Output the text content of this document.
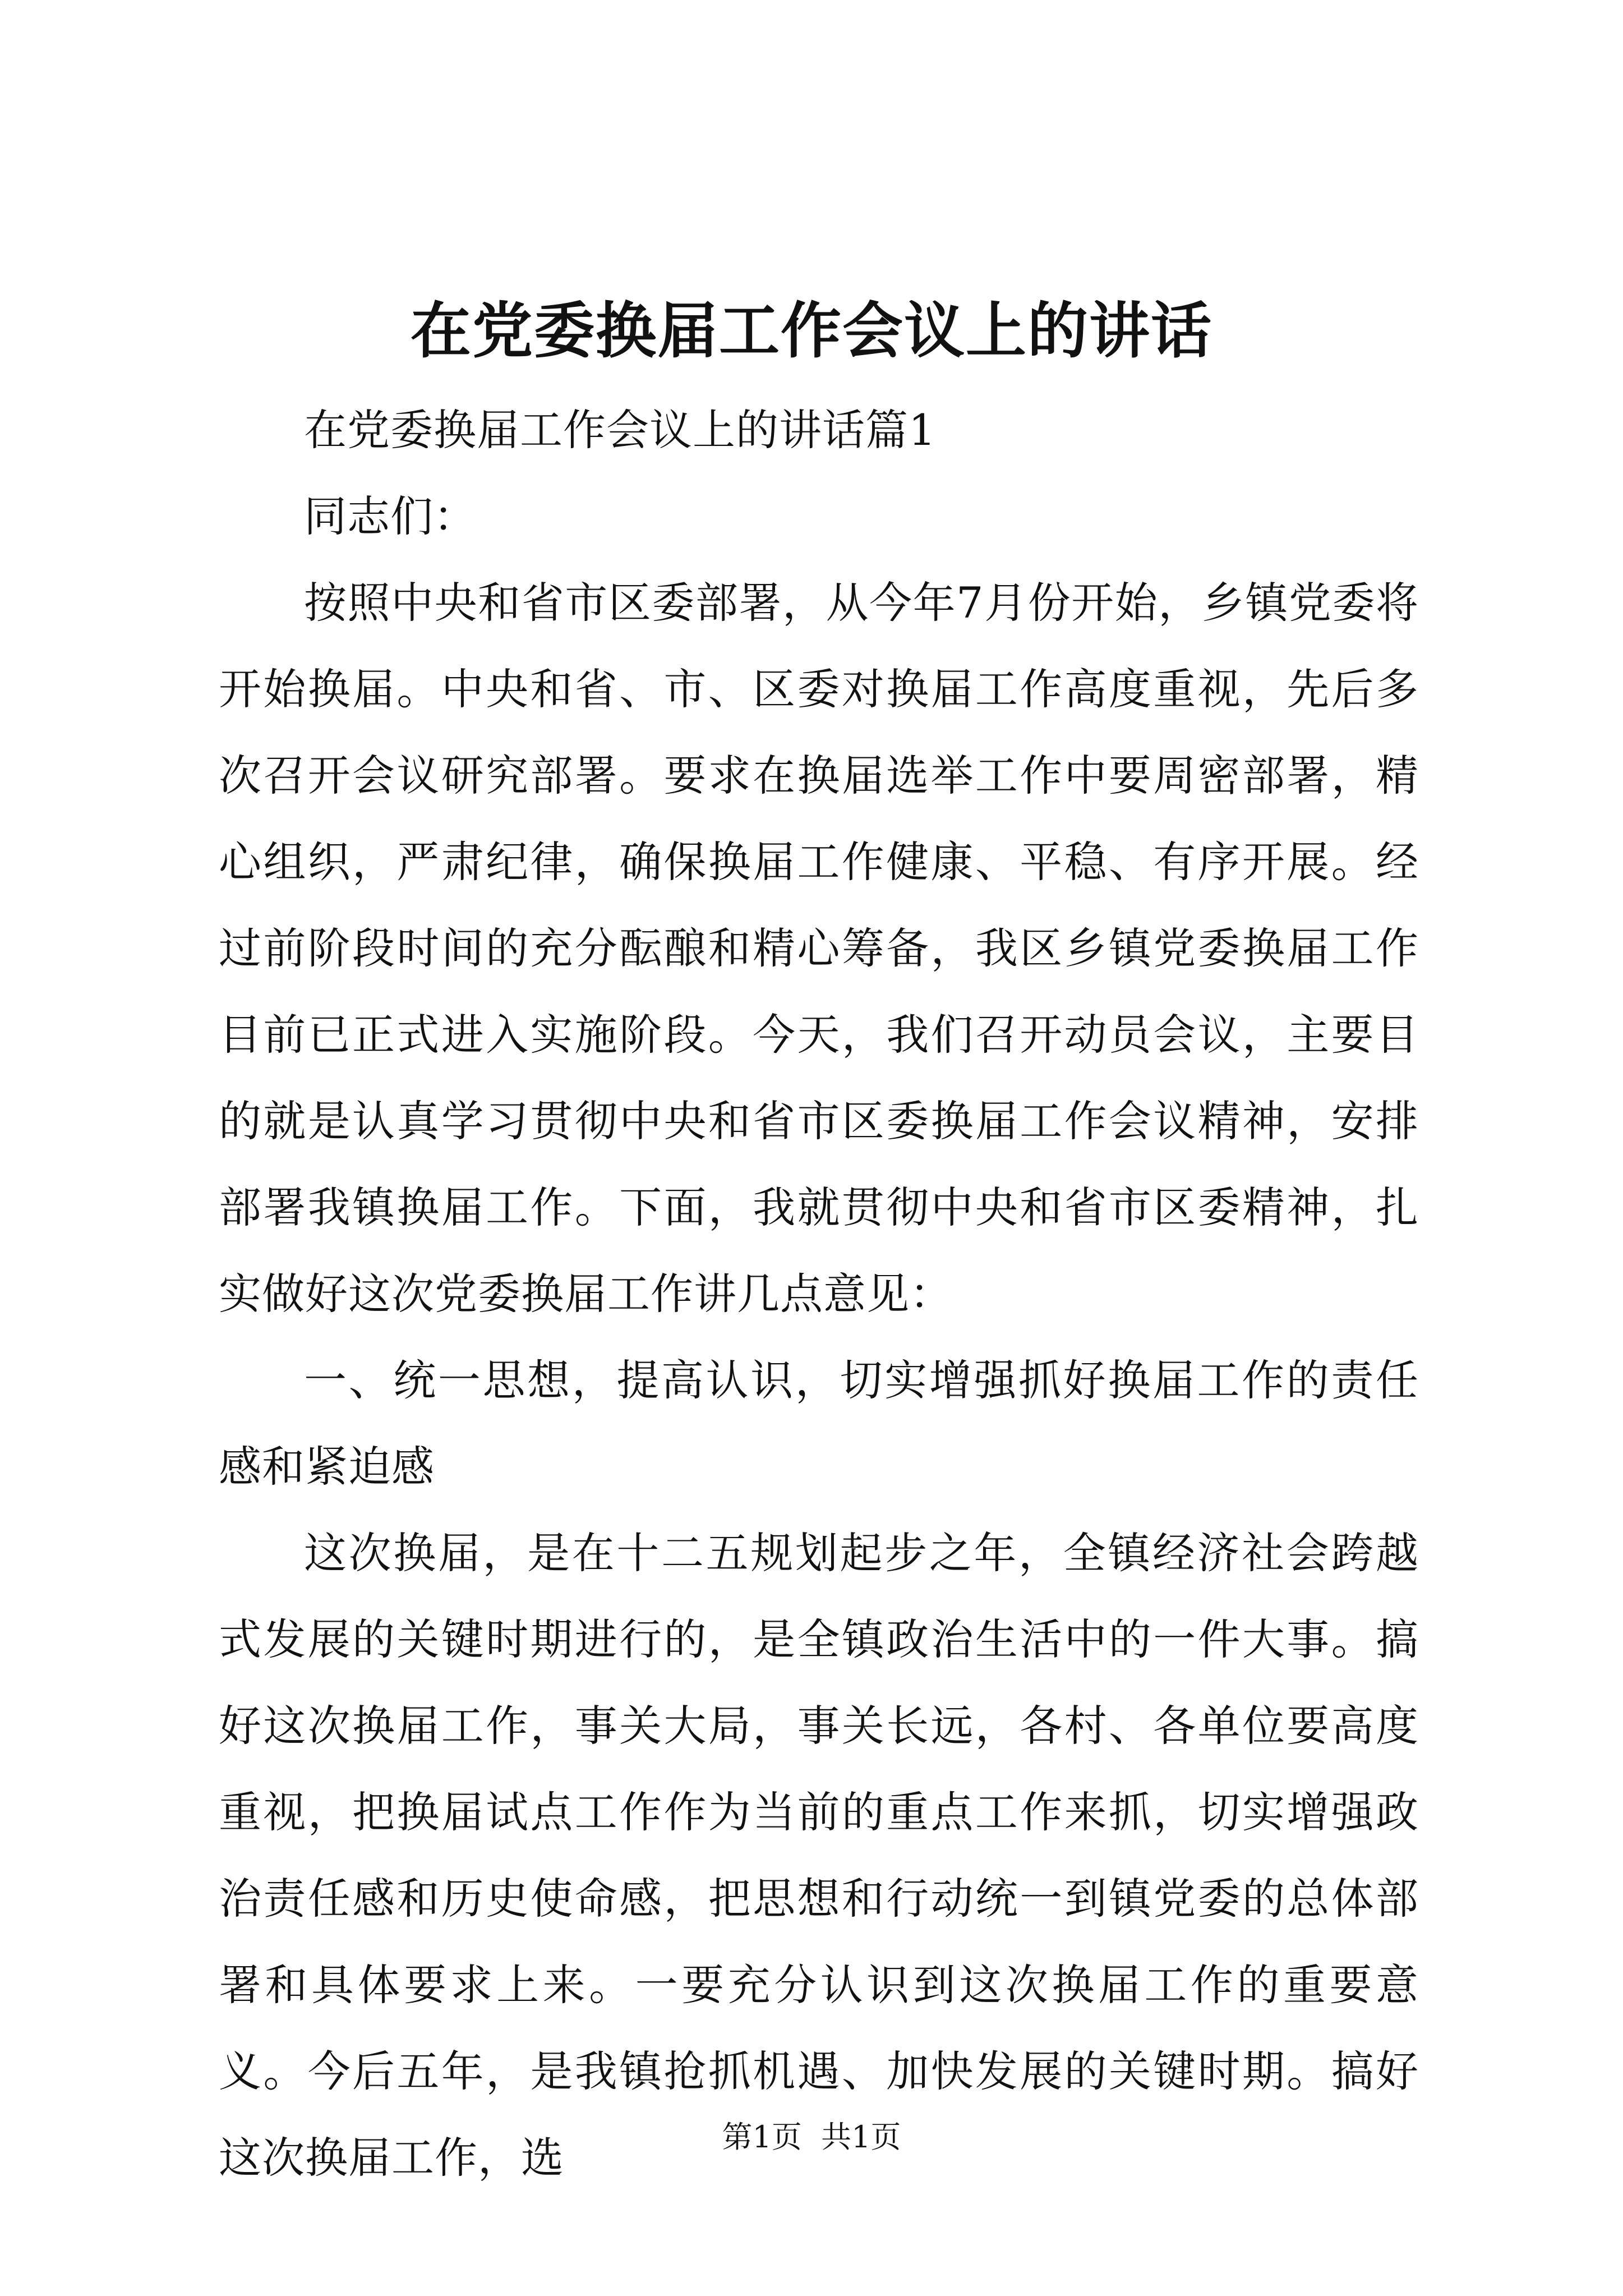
在党委换届工作会议上的讲话

在党委换届工作会议上的讲话篇1

同志们：

按照中央和省市区委部署，从今年7月份开始，乡镇党委将开始换届。中央和省、市、区委对换届工作高度重视，先后多次召开会议研究部署。要求在换届选举工作中要周密部署，精心组织，严肃纪律，确保换届工作健康、平稳、有序开展。经过前阶段时间的充分酝酿和精心筹备，我区乡镇党委换届工作目前已正式进入实施阶段。今天，我们召开动员会议，主要目的就是认真学习贯彻中央和省市区委换届工作会议精神，安排部署我镇换届工作。下面，我就贯彻中央和省市区委精神，扎实做好这次党委换届工作讲几点意见：

一、统一思想，提高认识，切实增强抓好换届工作的责任感和紧迫感

这次换届，是在十二五规划起步之年，全镇经济社会跨越式发展的关键时期进行的，是全镇政治生活中的一件大事。搞好这次换届工作，事关大局，事关长远，各村、各单位要高度重视，把换届试点工作作为当前的重点工作来抓，切实增强政治责任感和历史使命感，把思想和行动统一到镇党委的总体部署和具体要求上来。一要充分认识到这次换届工作的重要意义。今后五年，是我镇抢抓机遇、加快发展的关键时期。搞好这次换届工作，选	第1页  共1页
